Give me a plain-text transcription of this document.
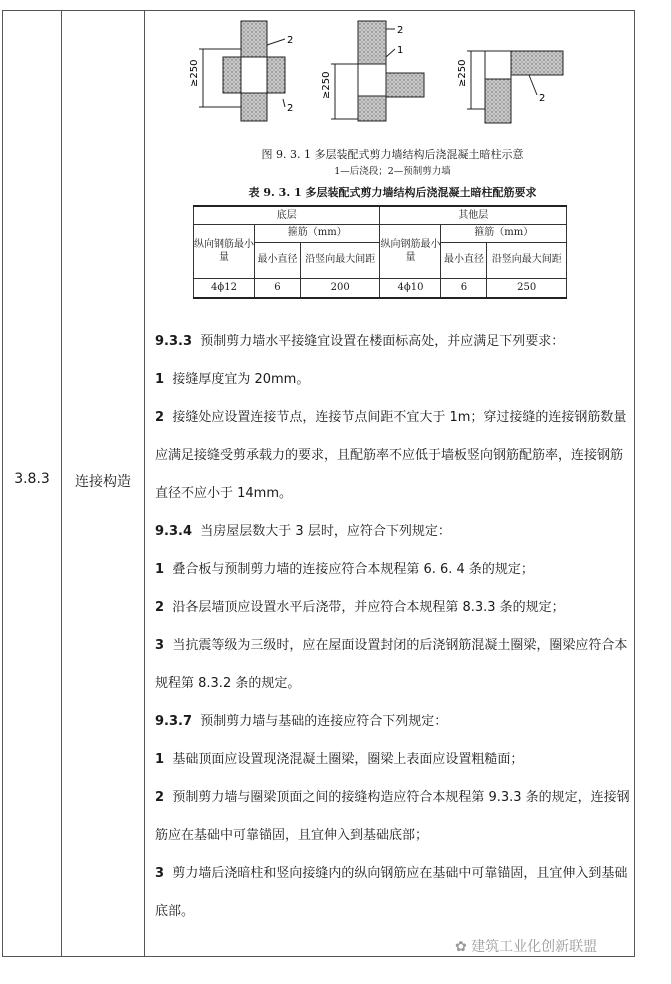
3.8.3	连接构造
≥250
2
2
≥250
2
1
≥250
2
图 9. 3. 1 多层装配式剪力墙结构后浇混凝土暗柱示意
1—后浇段；2—预制剪力墙
表 9. 3. 1 多层装配式剪力墙结构后浇混凝土暗柱配筋要求
底层			其他层		
纵向钢筋最小量	箍筋（mm）		纵向钢筋最小量	箍筋（mm）	
	最小直径	沿竖向最大间距		最小直径	沿竖向最大间距
4ϕ12	6	200	4ϕ10	6	250

9.3.3 预制剪力墙水平接缝宜设置在楼面标高处，并应满足下列要求：

1 接缝厚度宜为 20mm。

2 接缝处应设置连接节点，连接节点间距不宜大于 1m；穿过接缝的连接钢筋数量应满足接缝受剪承载力的要求，且配筋率不应低于墙板竖向钢筋配筋率，连接钢筋直径不应小于 14mm。

9.3.4 当房屋层数大于 3 层时，应符合下列规定：

1 叠合板与预制剪力墙的连接应符合本规程第 6. 6. 4 条的规定；

2 沿各层墙顶应设置水平后浇带，并应符合本规程第 8.3.3 条的规定；

3 当抗震等级为三级时，应在屋面设置封闭的后浇钢筋混凝土圈梁，圈梁应符合本规程第 8.3.2 条的规定。

9.3.7 预制剪力墙与基础的连接应符合下列规定：

1 基础顶面应设置现浇混凝土圈梁，圈梁上表面应设置粗糙面；

2 预制剪力墙与圈梁顶面之间的接缝构造应符合本规程第 9.3.3 条的规定，连接钢筋应在基础中可靠锚固，且宜伸入到基础底部；

3 剪力墙后浇暗柱和竖向接缝内的纵向钢筋应在基础中可靠锚固，且宜伸入到基础底部。

✿ 建筑工业化创新联盟
